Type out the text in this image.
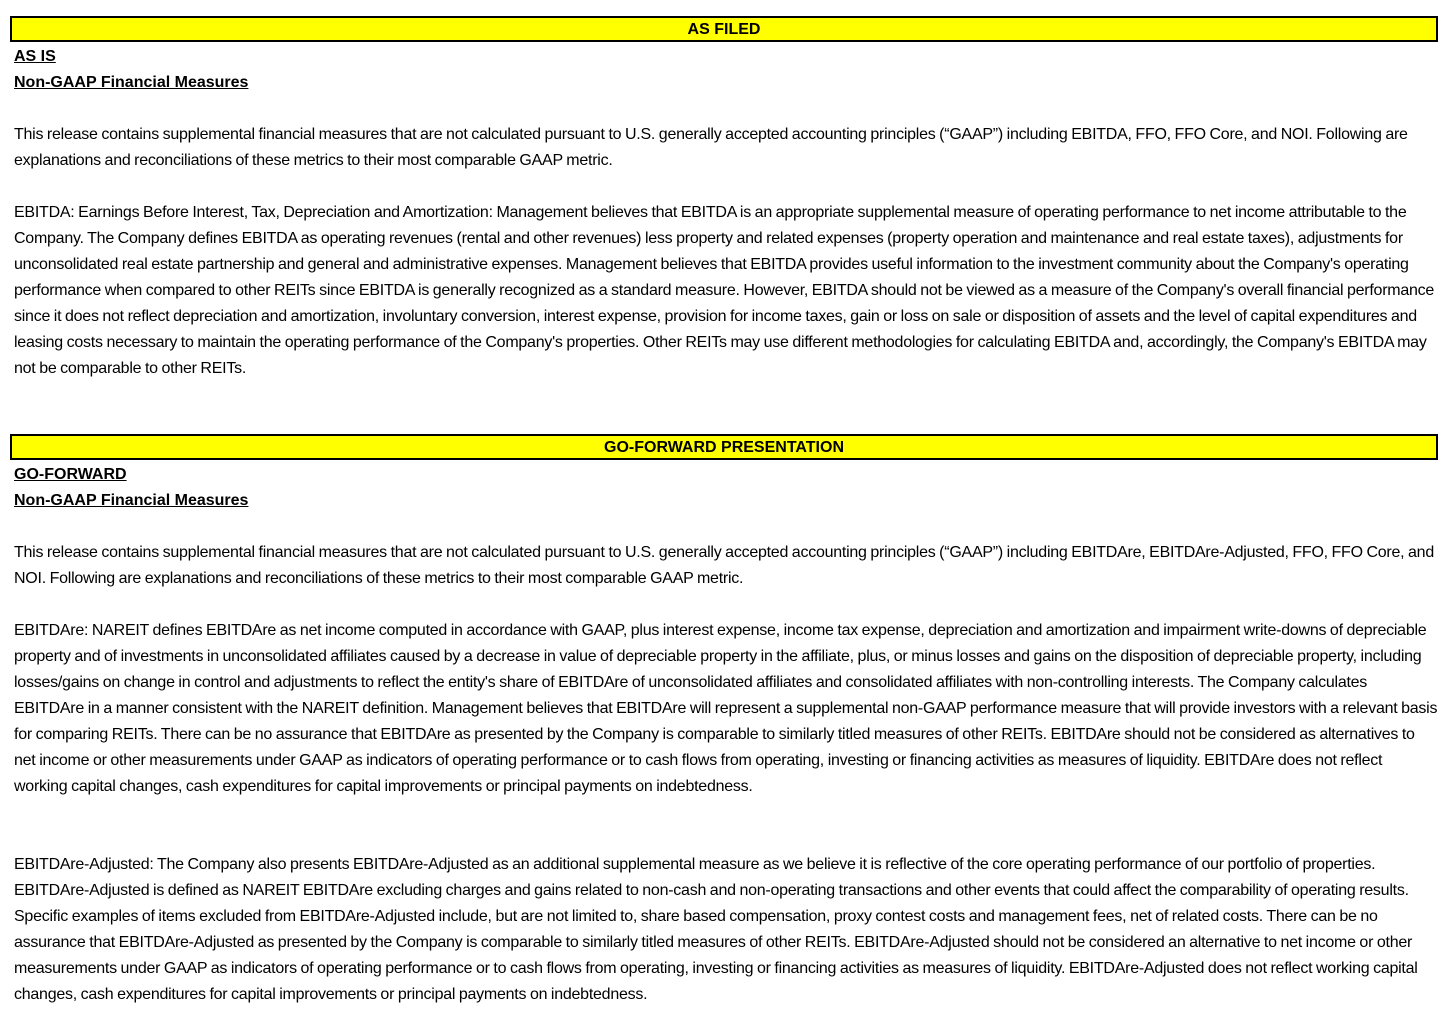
AS FILED
AS IS
Non-GAAP Financial Measures
This release contains supplemental financial measures that are not calculated pursuant to U.S. generally accepted accounting principles (“GAAP”) including EBITDA, FFO, FFO Core, and NOI. Following are explanations and reconciliations of these metrics to their most comparable GAAP metric.
EBITDA: Earnings Before Interest, Tax, Depreciation and Amortization: Management believes that EBITDA is an appropriate supplemental measure of operating performance to net income attributable to the Company. The Company defines EBITDA as operating revenues (rental and other revenues) less property and related expenses (property operation and maintenance and real estate taxes), adjustments for unconsolidated real estate partnership and general and administrative expenses. Management believes that EBITDA provides useful information to the investment community about the Company's operating performance when compared to other REITs since EBITDA is generally recognized as a standard measure. However, EBITDA should not be viewed as a measure of the Company's overall financial performance since it does not reflect depreciation and amortization, involuntary conversion, interest expense, provision for income taxes, gain or loss on sale or disposition of assets and the level of capital expenditures and leasing costs necessary to maintain the operating performance of the Company's properties. Other REITs may use different methodologies for calculating EBITDA and, accordingly, the Company's EBITDA may not be comparable to other REITs.
GO-FORWARD PRESENTATION
GO-FORWARD
Non-GAAP Financial Measures
This release contains supplemental financial measures that are not calculated pursuant to U.S. generally accepted accounting principles (“GAAP”) including EBITDAre, EBITDAre-Adjusted, FFO, FFO Core, and NOI. Following are explanations and reconciliations of these metrics to their most comparable GAAP metric.
EBITDAre: NAREIT defines EBITDAre as net income computed in accordance with GAAP, plus interest expense, income tax expense, depreciation and amortization and impairment write-downs of depreciable property and of investments in unconsolidated affiliates caused by a decrease in value of depreciable property in the affiliate, plus, or minus losses and gains on the disposition of depreciable property, including losses/gains on change in control and adjustments to reflect the entity's share of EBITDAre of unconsolidated affiliates and consolidated affiliates with non-controlling interests. The Company calculates EBITDAre in a manner consistent with the NAREIT definition. Management believes that EBITDAre will represent a supplemental non-GAAP performance measure that will provide investors with a relevant basis for comparing REITs. There can be no assurance that EBITDAre as presented by the Company is comparable to similarly titled measures of other REITs. EBITDAre should not be considered as alternatives to net income or other measurements under GAAP as indicators of operating performance or to cash flows from operating, investing or financing activities as measures of liquidity. EBITDAre does not reflect working capital changes, cash expenditures for capital improvements or principal payments on indebtedness.
EBITDAre-Adjusted: The Company also presents EBITDAre-Adjusted as an additional supplemental measure as we believe it is reflective of the core operating performance of our portfolio of properties. EBITDAre-Adjusted is defined as NAREIT EBITDAre excluding charges and gains related to non-cash and non-operating transactions and other events that could affect the comparability of operating results. Specific examples of items excluded from EBITDAre-Adjusted include, but are not limited to, share based compensation, proxy contest costs and management fees, net of related costs. There can be no assurance that EBITDAre-Adjusted as presented by the Company is comparable to similarly titled measures of other REITs. EBITDAre-Adjusted should not be considered an alternative to net income or other measurements under GAAP as indicators of operating performance or to cash flows from operating, investing or financing activities as measures of liquidity. EBITDAre-Adjusted does not reflect working capital changes, cash expenditures for capital improvements or principal payments on indebtedness.
